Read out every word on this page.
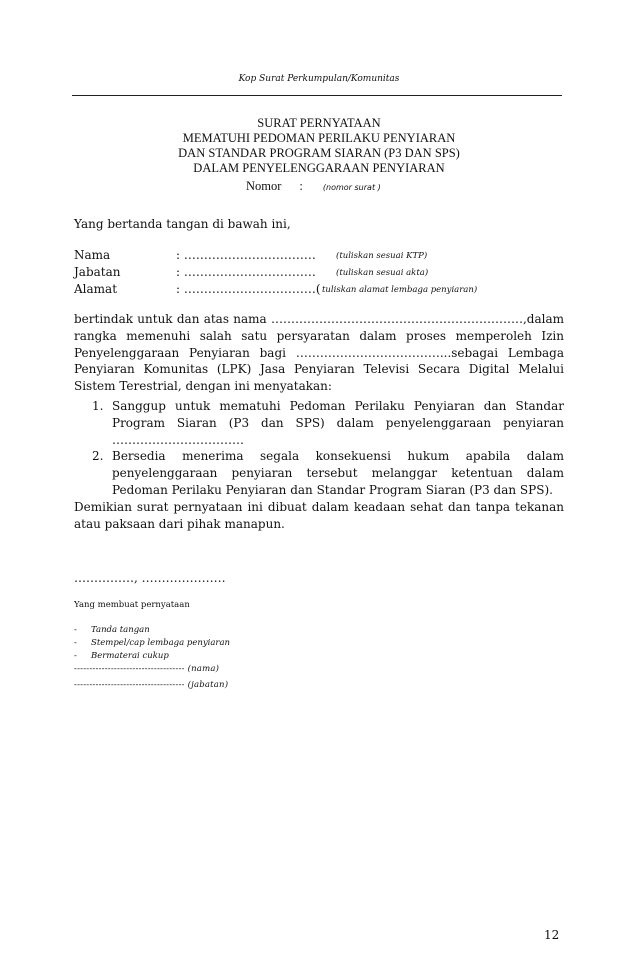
Kop Surat Perkumpulan/Komunitas
SURAT PERNYATAAN
MEMATUHI PEDOMAN PERILAKU PENYIARAN
DAN STANDAR PROGRAM SIARAN (P3 DAN SPS)
DALAM PENYELENGGARAAN PENYIARAN
Nomor :	(nomor surat )
Yang bertanda tangan di bawah ini,
Nama	: …………………………… (tuliskan sesuai KTP)
Jabatan	: …………………………… (tuliskan sesuai akta)
Alamat	: ……………………………( tuliskan alamat lembaga penyiaran)
bertindak untuk dan atas nama ………………………………………………………,dalam rangka memenuhi salah satu persyaratan dalam proses memperoleh Izin Penyelenggaraan Penyiaran bagi ………………………………...sebagai Lembaga Penyiaran Komunitas (LPK) Jasa Penyiaran Televisi Secara Digital Melalui Sistem Terestrial, dengan ini menyatakan:
1. Sanggup untuk mematuhi Pedoman Perilaku Penyiaran dan Standar Program Siaran (P3 dan SPS) dalam penyelenggaraan penyiaran ……………………………
2. Bersedia menerima segala konsekuensi hukum apabila dalam penyelenggaraan penyiaran tersebut melanggar ketentuan dalam Pedoman Perilaku Penyiaran dan Standar Program Siaran (P3 dan SPS).
Demikian surat pernyataan ini dibuat dalam keadaan sehat dan tanpa tekanan atau paksaan dari pihak manapun.
……………, …………………
Yang membuat pernyataan
- Tanda tangan
- Stempel/cap lembaga penyiaran
- Bermaterai cukup
------------------------------------ (nama)
------------------------------------ (jabatan)
12
